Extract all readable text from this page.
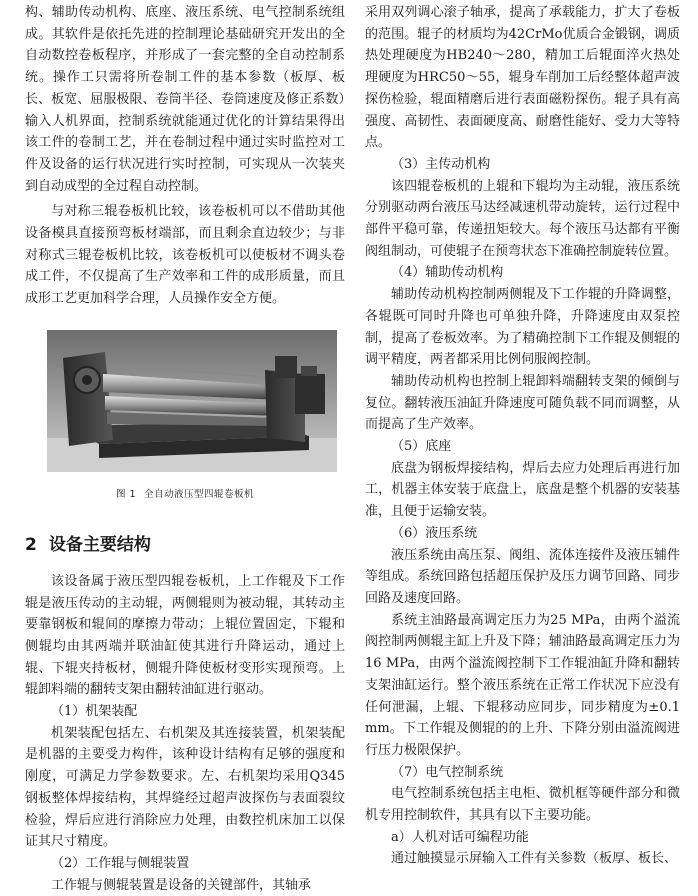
构、辅助传动机构、底座、液压系统、电气控制系统组成。其软件是依托先进的控制理论基础研究开发出的全自动数控卷板程序，并形成了一套完整的全自动控制系统。操作工只需将所卷制工件的基本参数（板厚、板长、板宽、屈服极限、卷筒半径、卷筒速度及修正系数）输入人机界面，控制系统就能通过优化的计算结果得出该工件的卷制工艺，并在卷制过程中通过实时监控对工件及设备的运行状况进行实时控制，可实现从一次装夹到自动成型的全过程自动控制。

与对称三辊卷板机比较，该卷板机可以不借助其他设备模具直接预弯板材端部，而且剩余直边较少；与非对称式三辊卷板机比较，该卷板机可以使板材不调头卷成工件，不仅提高了生产效率和工件的成形质量，而且成形工艺更加科学合理，人员操作安全方便。

图 1 全自动液压型四辊卷板机

2 设备主要结构

该设备属于液压型四辊卷板机，上工作辊及下工作辊是液压传动的主动辊，两侧辊则为被动辊，其转动主要靠钢板和辊间的摩擦力带动；上辊位置固定，下辊和侧辊均由其两端并联油缸使其进行升降运动，通过上辊、下辊夹持板材，侧辊升降使板材变形实现预弯。上辊卸料端的翻转支架由翻转油缸进行驱动。

（1）机架装配

机架装配包括左、右机架及其连接装置，机架装配是机器的主要受力构件，该种设计结构有足够的强度和刚度，可满足力学参数要求。左、右机架均采用Q345钢板整体焊接结构，其焊缝经过超声波探伤与表面裂纹检验，焊后应进行消除应力处理，由数控机床加工以保证其尺寸精度。

（2）工作辊与侧辊装置

工作辊与侧辊装置是设备的关键部件，其轴承

采用双列调心滚子轴承，提高了承载能力，扩大了卷板的范围。辊子的材质均为42CrMo优质合金锻钢，调质热处理硬度为HB240～280，精加工后辊面淬火热处理硬度为HRC50～55，辊身车削加工后经整体超声波探伤检验，辊面精磨后进行表面磁粉探伤。辊子具有高强度、高韧性、表面硬度高、耐磨性能好、受力大等特点。

（3）主传动机构

该四辊卷板机的上辊和下辊均为主动辊，液压系统分别驱动两台液压马达经减速机带动旋转，运行过程中部件平稳可靠，传递扭矩较大。每个液压马达都有平衡阀组制动，可使辊子在预弯状态下准确控制旋转位置。

（4）辅助传动机构

辅助传动机构控制两侧辊及下工作辊的升降调整，各辊既可同时升降也可单独升降，升降速度由双泵控制，提高了卷板效率。为了精确控制下工作辊及侧辊的调平精度，两者都采用比例伺服阀控制。

辅助传动机构也控制上辊卸料端翻转支架的倾倒与复位。翻转液压油缸升降速度可随负载不同而调整，从而提高了生产效率。

（5）底座

底盘为钢板焊接结构，焊后去应力处理后再进行加工，机器主体安装于底盘上，底盘是整个机器的安装基准，且便于运输安装。

（6）液压系统

液压系统由高压泵、阀组、流体连接件及液压辅件等组成。系统回路包括超压保护及压力调节回路、同步回路及速度回路。

系统主油路最高调定压力为25 MPa，由两个溢流阀控制两侧辊主缸上升及下降；辅油路最高调定压力为16 MPa，由两个溢流阀控制下工作辊油缸升降和翻转支架油缸运行。整个液压系统在正常工作状况下应没有任何泄漏，上辊、下辊移动应同步，同步精度为±0.1 mm。下工作辊及侧辊的的上升、下降分别由溢流阀进行压力极限保护。

（7）电气控制系统

电气控制系统包括主电柜、微机框等硬件部分和微机专用控制软件，其具有以下主要功能。

a）人机对话可编程功能

通过触摸显示屏输入工件有关参数（板厚、板长、
